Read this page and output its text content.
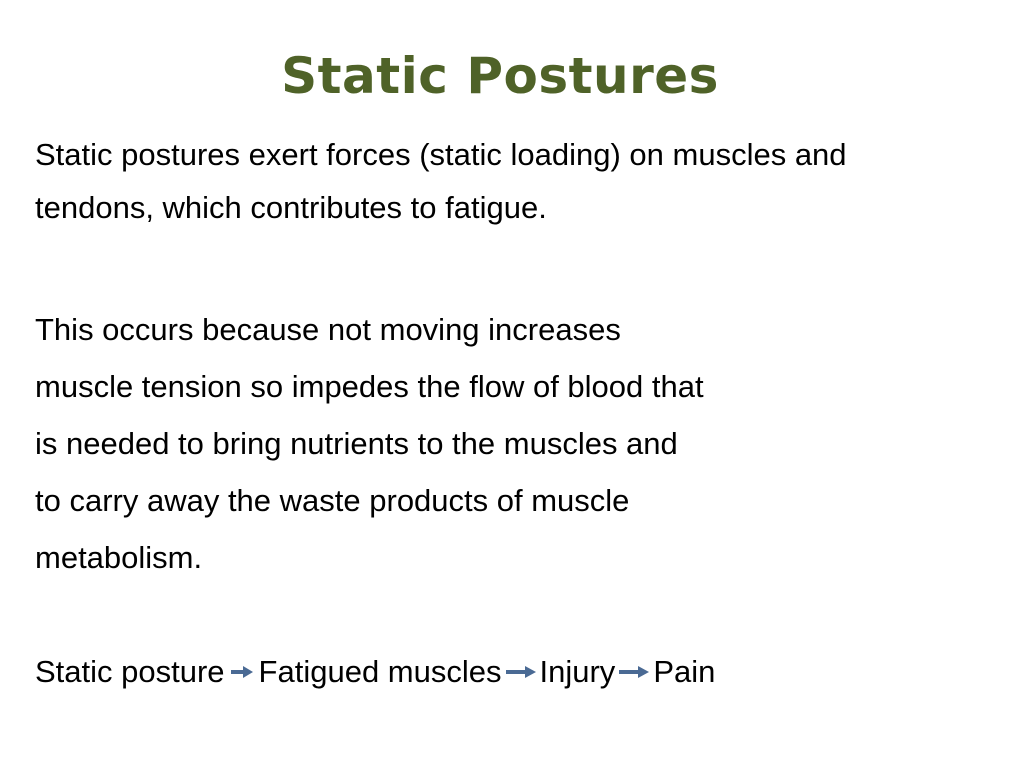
Static Postures
Static postures exert forces (static loading) on muscles and
tendons, which contributes to fatigue.
This occurs because not moving increases
muscle tension so impedes the flow of blood that
is needed to bring nutrients to the muscles and
to carry away the waste products of muscle
metabolism.
Static posture Fatigued muscles Injury Pain
